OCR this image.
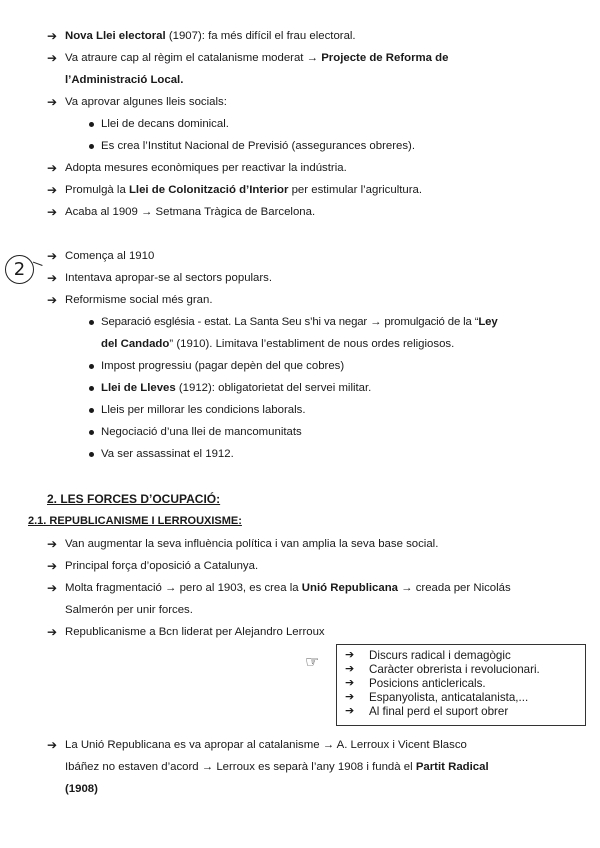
➔ Nova Llei electoral (1907): fa més difícil el frau electoral.
➔ Va atraure cap al règim el catalanisme moderat → Projecte de Reforma de
l’Administració Local.
➔ Va aprovar algunes lleis socials:
Llei de decans dominical.
Es crea l’Institut Nacional de Previsió (assegurances obreres).
➔ Adopta mesures econòmiques per reactivar la indústria.
➔ Promulgà la Llei de Colonització d’Interior per estimular l’agricultura.
➔ Acaba al 1909 → Setmana Tràgica de Barcelona.
2
➔ Comença al 1910
➔ Intentava apropar-se al sectors populars.
➔ Reformisme social més gran.
Separació església - estat. La Santa Seu s’hi va negar → promulgació de la “Ley
del Candado” (1910). Limitava l’establiment de nous ordes religiosos.
Impost progressiu (pagar depèn del que cobres)
Llei de Lleves (1912): obligatorietat del servei militar.
Lleis per millorar les condicions laborals.
Negociació d’una llei de mancomunitats
Va ser assassinat el 1912.
2. LES FORCES D’OCUPACIÓ:
2.1. REPUBLICANISME I LERROUXISME:
➔ Van augmentar la seva influència política i van amplia la seva base social.
➔ Principal força d’oposició a Catalunya.
➔ Molta fragmentació → pero al 1903, es crea la Unió Republicana → creada per Nicolás
Salmerón per unir forces.
➔ Republicanisme a Bcn liderat per Alejandro Lerroux
☞ ➔ Discurs radical i demagògic
➔ Caràcter obrerista i revolucionari.
➔ Posicions anticlericals.
➔ Espanyolista, anticatalanista,...
➔ Al final perd el suport obrer
➔ La Unió Republicana es va apropar al catalanisme → A. Lerroux i Vicent Blasco
Ibáñez no estaven d’acord → Lerroux es separà l’any 1908 i fundà el Partit Radical
(1908)
